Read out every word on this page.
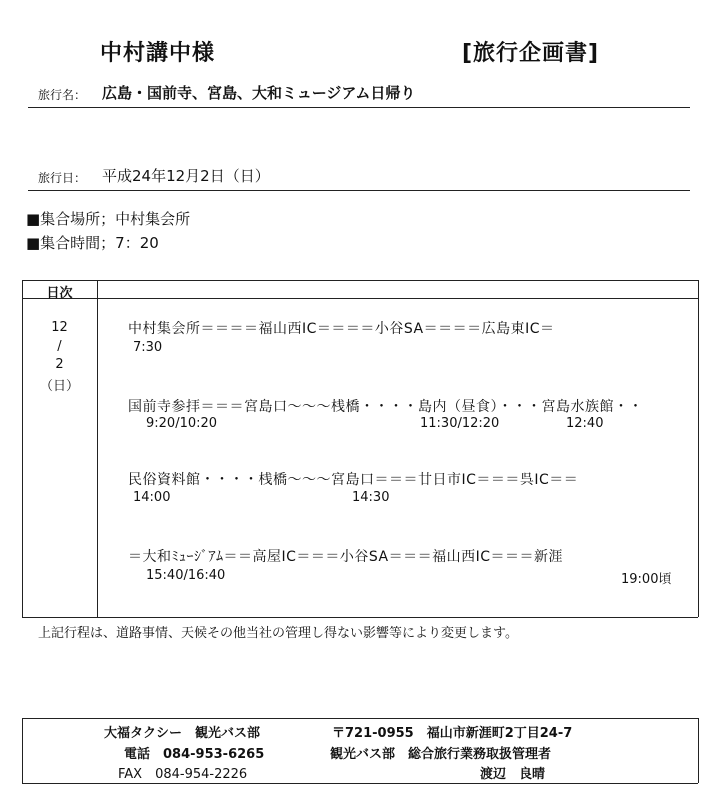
中村講中様	[旅行企画書]
旅行名： 広島・国前寺、宮島、大和ミュージアム日帰り
旅行日： 平成24年12月2日（日）
■集合場所；中村集会所
■集合時間；7：20
日次
12
/
2
（日）
中村集会所＝＝＝＝福山西IC＝＝＝＝小谷SA＝＝＝＝広島東IC＝
7:30
国前寺参拝＝＝＝宮島口～～～桟橋・・・・島内（昼食）・・・宮島水族館・・
9:20/10:20	11:30/12:20	12:40
民俗資料館・・・・桟橋～～～宮島口＝＝＝廿日市IC＝＝＝呉IC＝＝
14:00	14:30
＝大和ﾐｭｰｼﾞｱﾑ＝＝高屋IC＝＝＝小谷SA＝＝＝福山西IC＝＝＝新涯
15:40/16:40	19:00頃
上記行程は、道路事情、天候その他当社の管理し得ない影響等により変更します。
大福タクシー　観光バス部	〒721-0955　福山市新涯町2丁目24-7
電話　084-953-6265	観光バス部　総合旅行業務取扱管理者
FAX　084-954-2226	渡辺　良晴
